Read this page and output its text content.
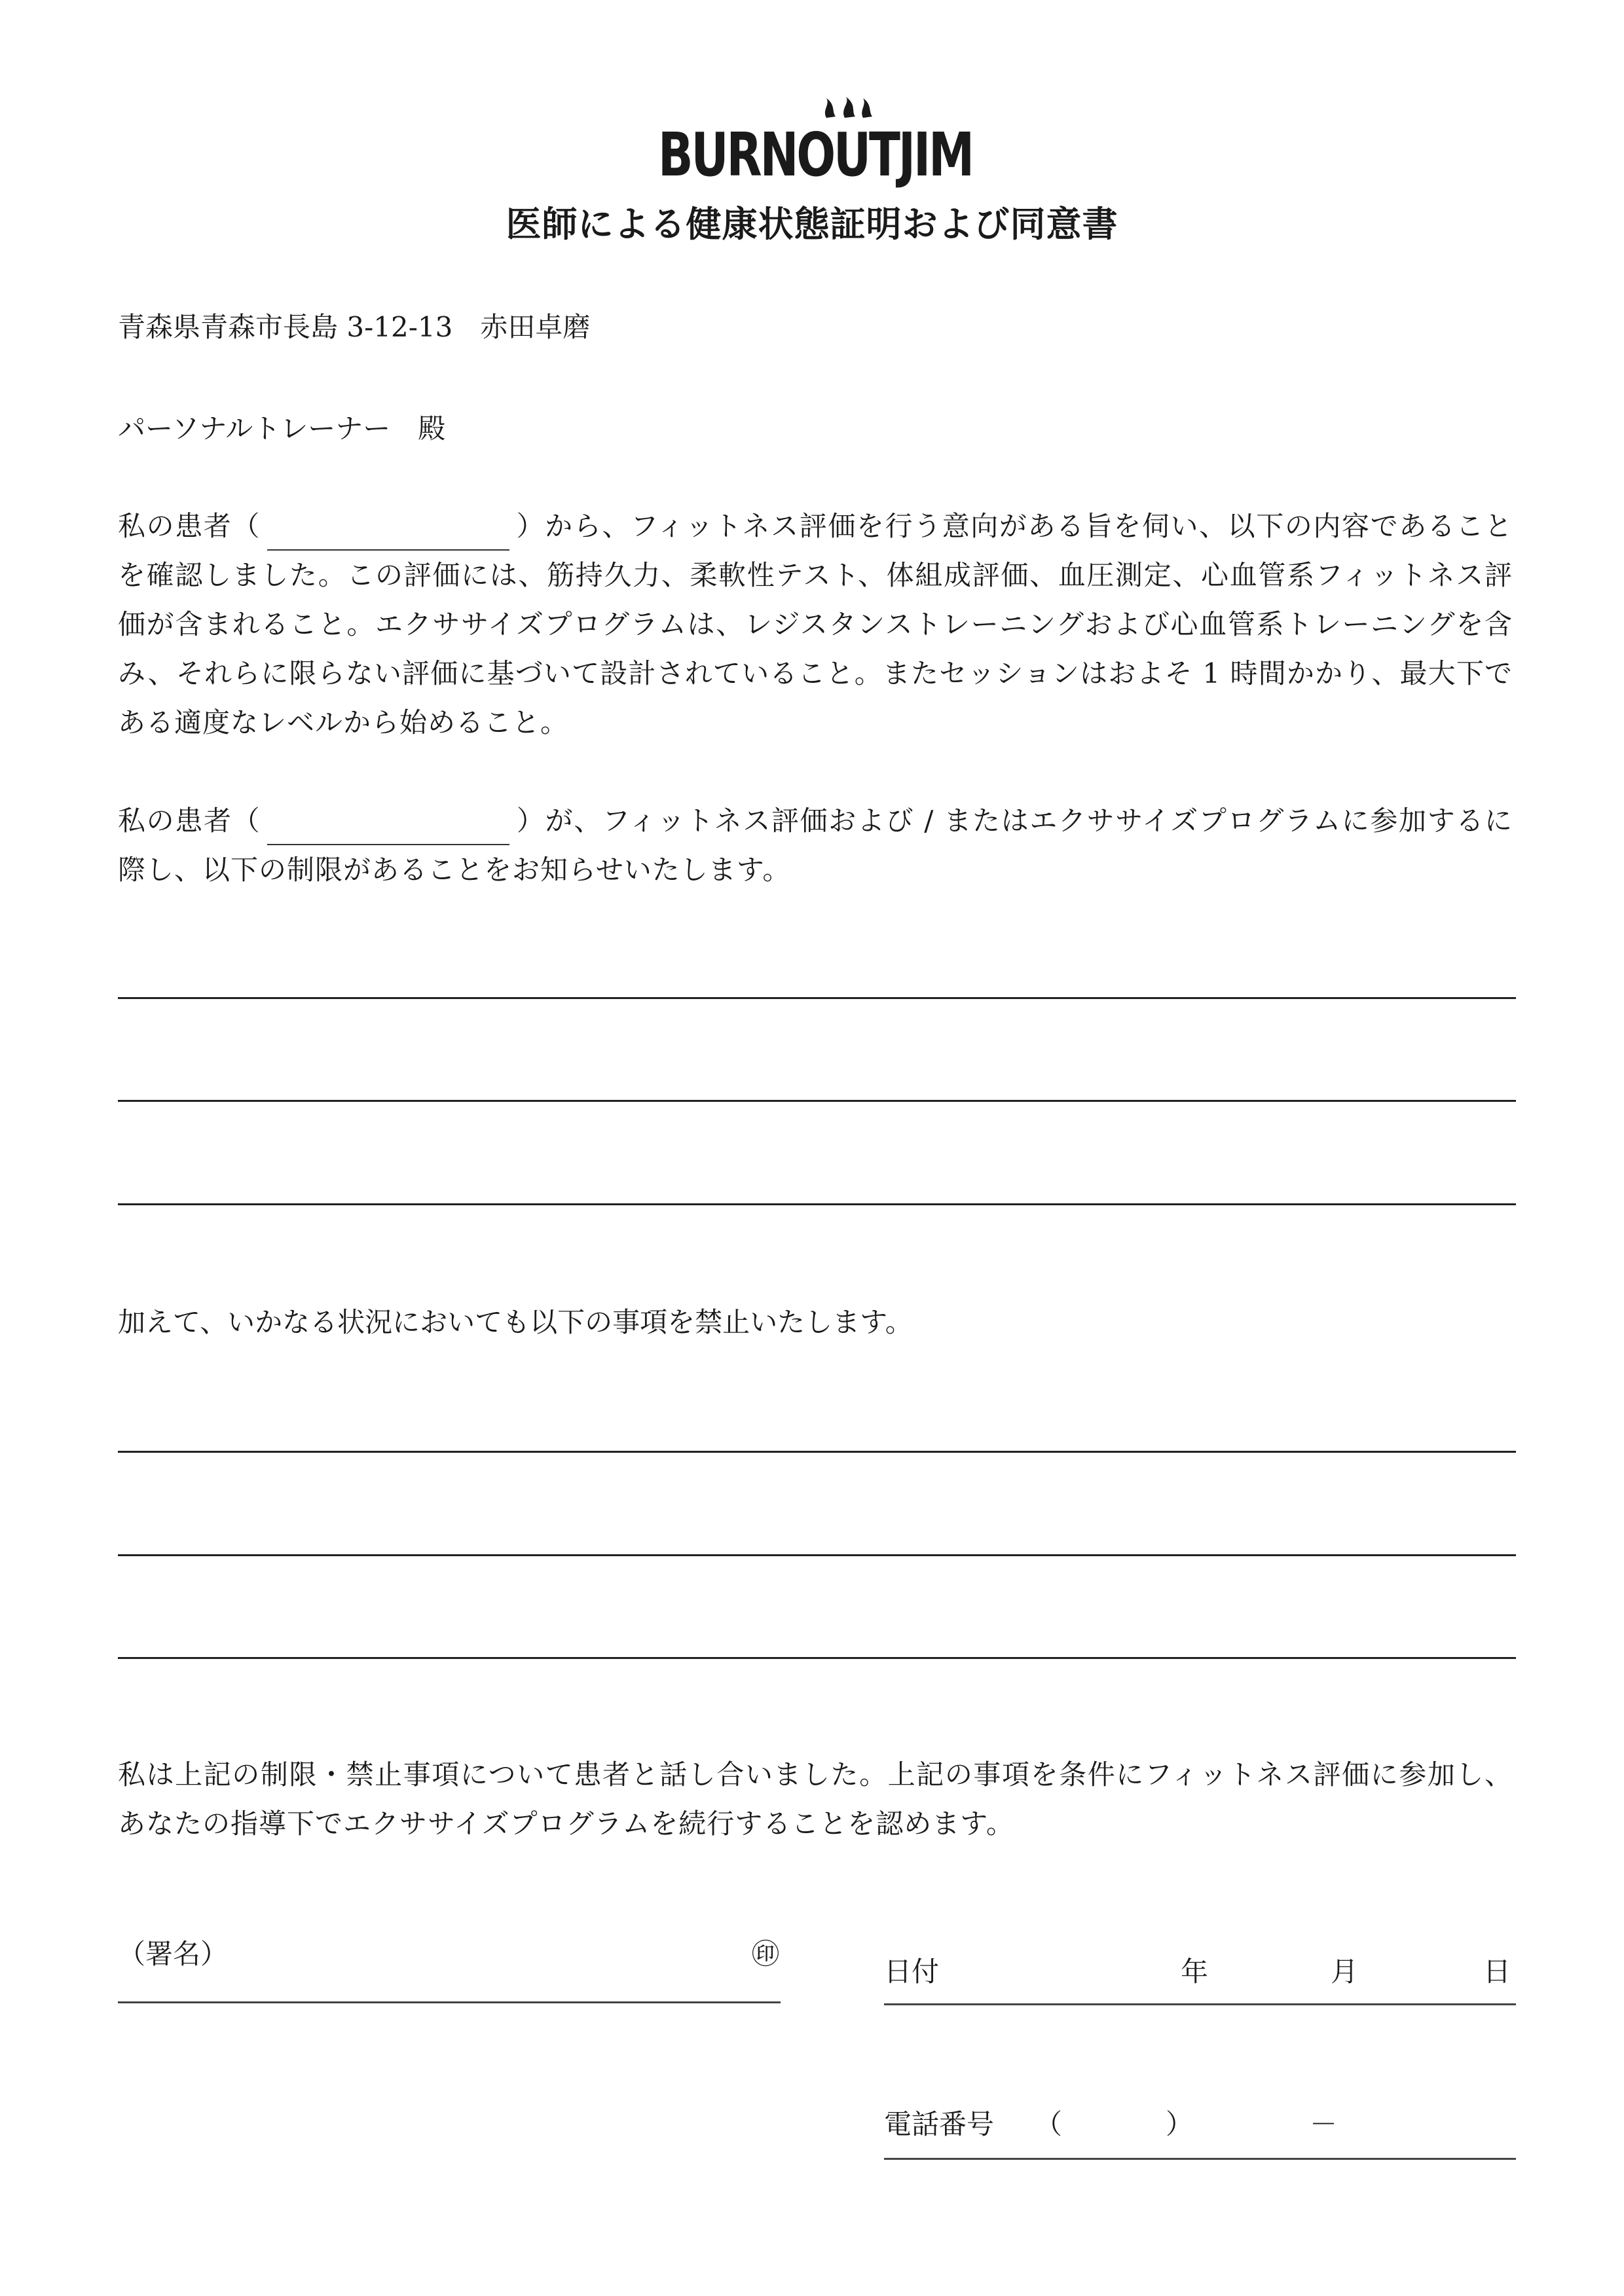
BURNOUTJIM
医師による健康状態証明および同意書
青森県青森市長島 3-12-13　赤田卓磨
パーソナルトレーナー　殿
私の患者（	）から、フィットネス評価を行う意向がある旨を伺い、以下の内容であることを確認しました。この評価には、筋持久力、柔軟性テスト、体組成評価、血圧測定、心血管系フィットネス評価が含まれること。エクササイズプログラムは、レジスタンストレーニングおよび心血管系トレーニングを含み、それらに限らない評価に基づいて設計されていること。またセッションはおよそ 1 時間かかり、最大下である適度なレベルから始めること。
私の患者（	）が、フィットネス評価および / またはエクササイズプログラムに参加するに際し、以下の制限があることをお知らせいたします。
加えて、いかなる状況においても以下の事項を禁止いたします。
私は上記の制限・禁止事項について患者と話し合いました。上記の事項を条件にフィットネス評価に参加し、あなたの指導下でエクササイズプログラムを続行することを認めます。
（署名）	㊞
日付	年	月	日
電話番号 （	）	－
